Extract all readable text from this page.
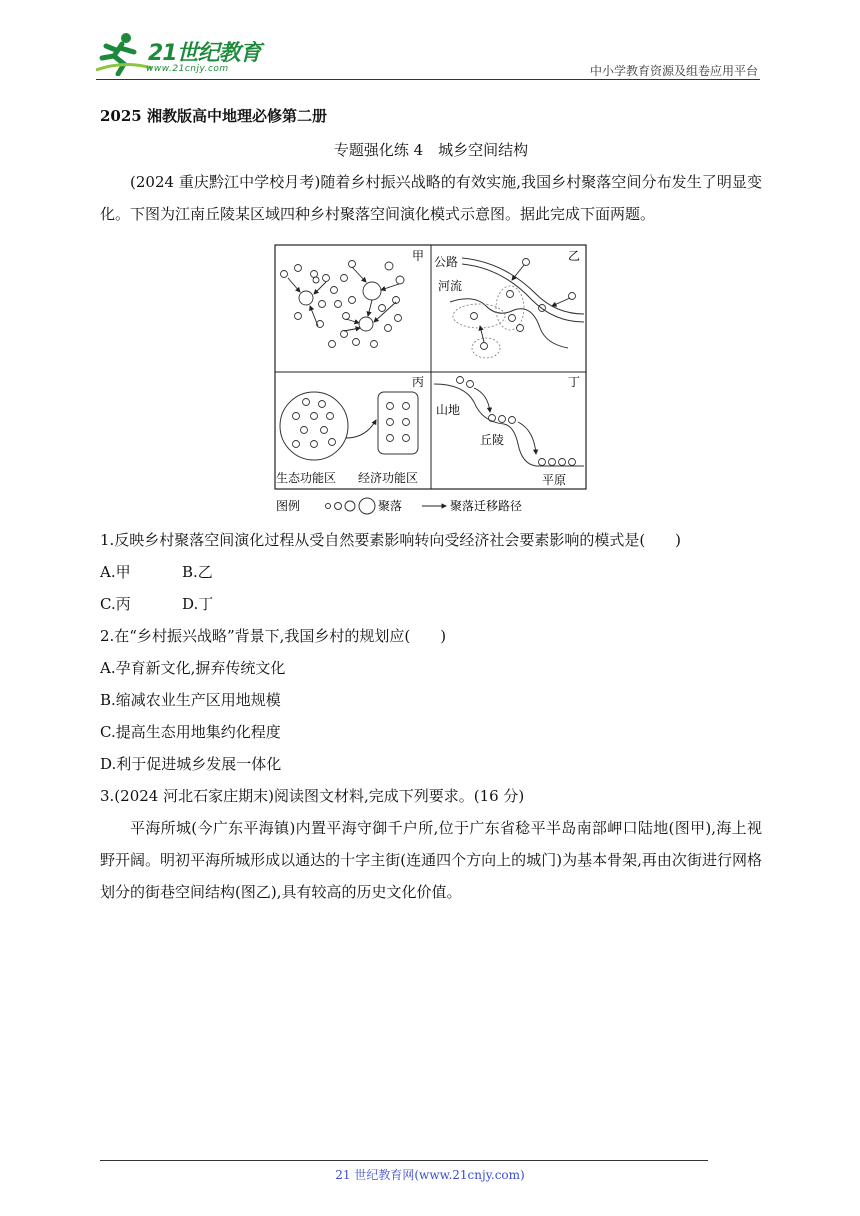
21世纪教育
www.21cnjy.com	中小学教育资源及组卷应用平台
2025 湘教版高中地理必修第二册
专题强化练 4　城乡空间结构

(2024 重庆黔江中学校月考)随着乡村振兴战略的有效实施,我国乡村聚落空间分布发生了明显变化。下图为江南丘陵某区域四种乡村聚落空间演化模式示意图。据此完成下面两题。

甲	乙
公路
河流
丙
生态功能区 经济功能区
丁
山地
丘陵
平原
图例	聚落	聚落迁移路径

1.反映乡村聚落空间演化过程从受自然要素影响转向受经济社会要素影响的模式是(　　)

A.甲	B.乙
C.丙	D.丁

2.在“乡村振兴战略”背景下,我国乡村的规划应(　　)

A.孕育新文化,摒弃传统文化

B.缩减农业生产区用地规模

C.提高生态用地集约化程度

D.利于促进城乡发展一体化

3.(2024 河北石家庄期末)阅读图文材料,完成下列要求。(16 分)

平海所城(今广东平海镇)内置平海守御千户所,位于广东省稔平半岛南部岬口陆地(图甲),海上视野开阔。明初平海所城形成以通达的十字主街(连通四个方向上的城门)为基本骨架,再由次街进行网格划分的街巷空间结构(图乙),具有较高的历史文化价值。

21 世纪教育网(www.21cnjy.com)
